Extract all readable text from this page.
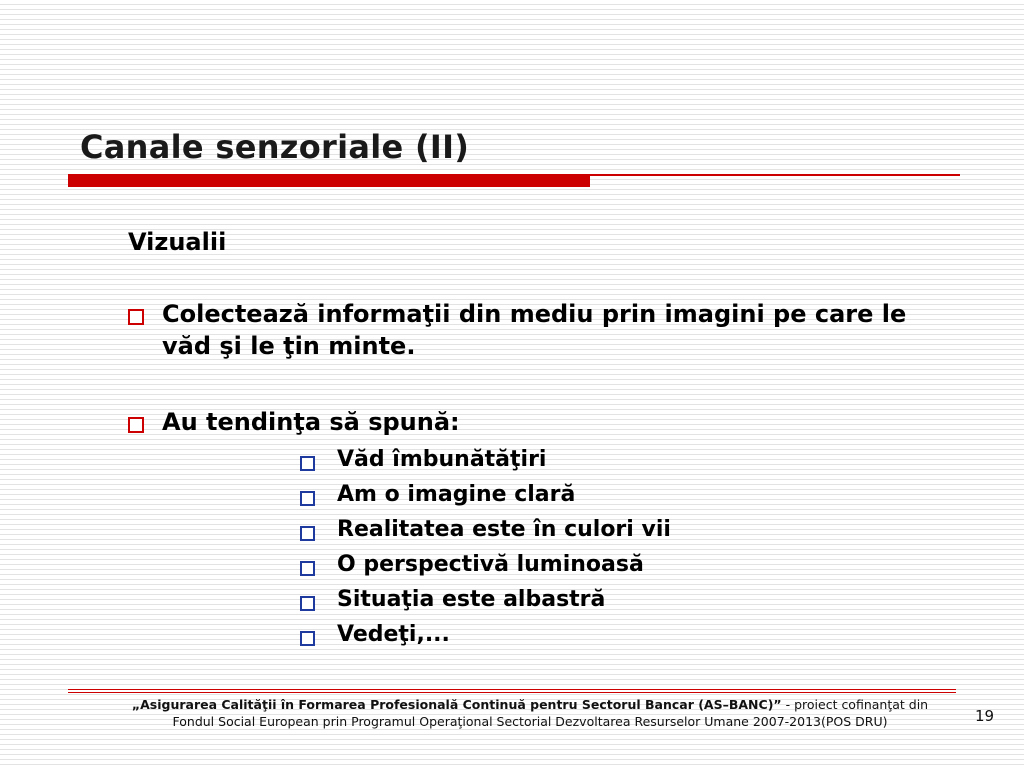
Canale senzoriale (II)
Vizualii
Colectează informaţii din mediu prin imagini pe care le văd şi le ţin minte.
Au tendinţa să spună:
Văd îmbunătăţiri
Am o imagine clară
Realitatea este în culori vii
O perspectivă luminoasă
Situaţia este albastră
Vedeţi,...
„Asigurarea Calităţii în Formarea Profesională Continuă pentru Sectorul Bancar (AS–BANC)” - proiect cofinanţat din
Fondul Social European prin Programul Operaţional Sectorial Dezvoltarea Resurselor Umane 2007-2013(POS DRU)	19
